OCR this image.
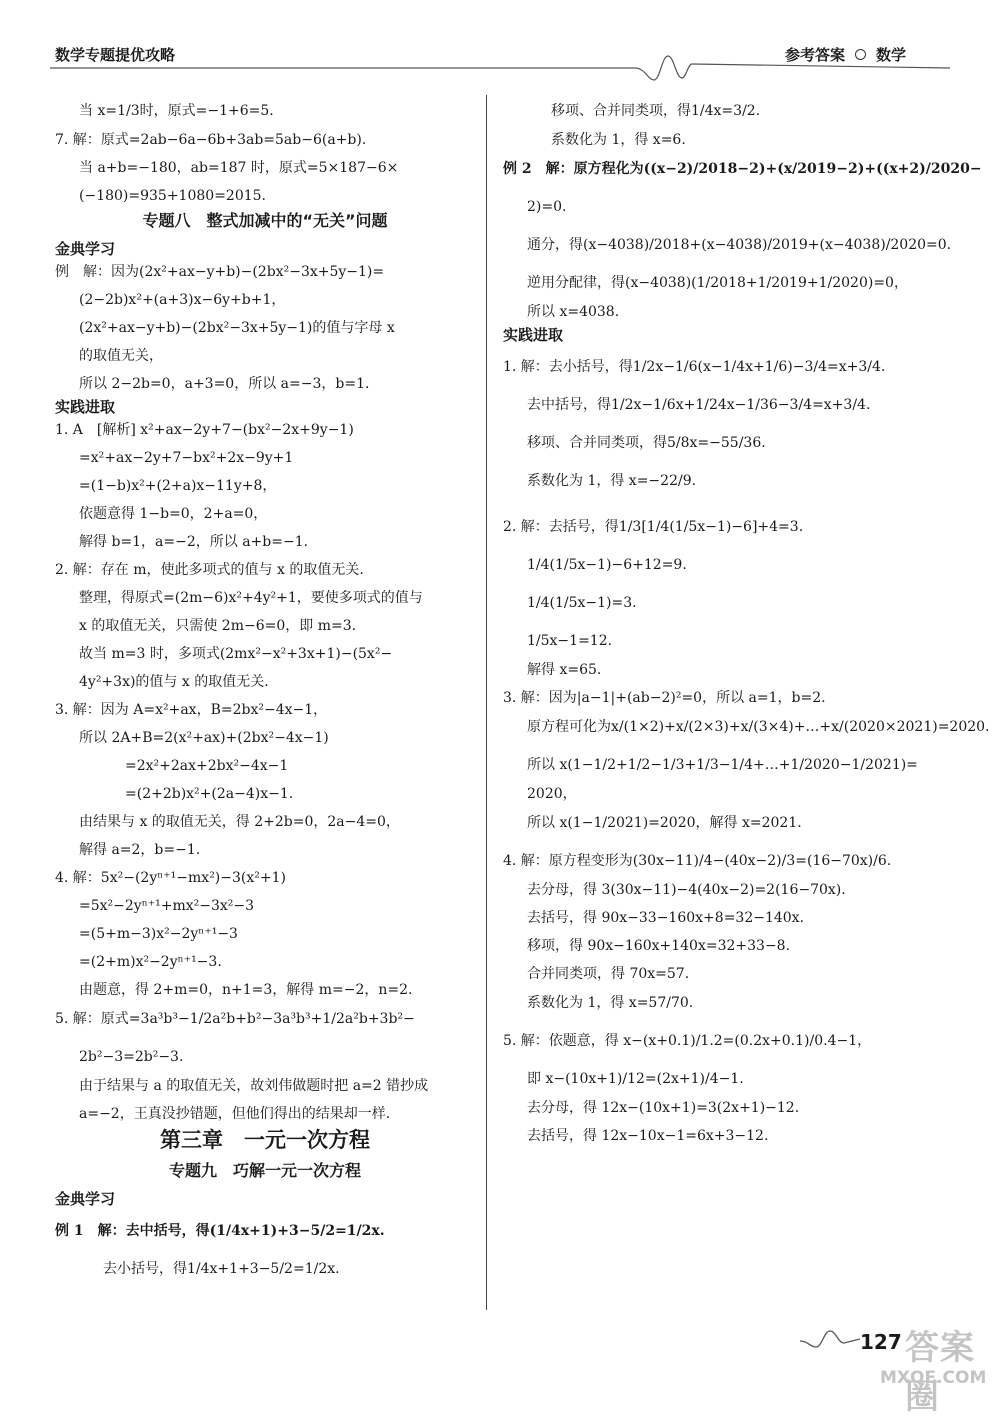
数学专题提优攻略	参考答案 数学
当 x=1/3时，原式=−1+6=5.
7. 解：原式=2ab−6a−6b+3ab=5ab−6(a+b).
当 a+b=−180，ab=187 时，原式=5×187−6×
(−180)=935+1080=2015.
专题八　整式加减中的“无关”问题
金典学习
例　解：因为(2x²+ax−y+b)−(2bx²−3x+5y−1)=
(2−2b)x²+(a+3)x−6y+b+1，
(2x²+ax−y+b)−(2bx²−3x+5y−1)的值与字母 x
的取值无关，
所以 2−2b=0，a+3=0，所以 a=−3，b=1.
实践进取
1. A　[解析] x²+ax−2y+7−(bx²−2x+9y−1)
=x²+ax−2y+7−bx²+2x−9y+1
=(1−b)x²+(2+a)x−11y+8，
依题意得 1−b=0，2+a=0，
解得 b=1，a=−2，所以 a+b=−1.
2. 解：存在 m，使此多项式的值与 x 的取值无关.
整理，得原式=(2m−6)x²+4y²+1，要使多项式的值与
x 的取值无关，只需使 2m−6=0，即 m=3.
故当 m=3 时，多项式(2mx²−x²+3x+1)−(5x²−
4y²+3x)的值与 x 的取值无关.
3. 解：因为 A=x²+ax，B=2bx²−4x−1，
所以 2A+B=2(x²+ax)+(2bx²−4x−1)
=2x²+2ax+2bx²−4x−1
=(2+2b)x²+(2a−4)x−1.
由结果与 x 的取值无关，得 2+2b=0，2a−4=0，
解得 a=2，b=−1.
4. 解：5x²−(2yⁿ⁺¹−mx²)−3(x²+1)
=5x²−2yⁿ⁺¹+mx²−3x²−3
=(5+m−3)x²−2yⁿ⁺¹−3
=(2+m)x²−2yⁿ⁺¹−3.
由题意，得 2+m=0，n+1=3，解得 m=−2，n=2.
5. 解：原式=3a³b³−1/2a²b+b²−3a³b³+1/2a²b+3b²−
2b²−3=2b²−3.
由于结果与 a 的取值无关，故刘伟做题时把 a=2 错抄成
a=−2，王真没抄错题，但他们得出的结果却一样.
第三章　一元一次方程
专题九　巧解一元一次方程
金典学习
例 1　解：去中括号，得(1/4x+1)+3−5/2=1/2x.
去小括号，得1/4x+1+3−5/2=1/2x.
移项、合并同类项，得1/4x=3/2.
系数化为 1，得 x=6.
例 2　解：原方程化为((x−2)/2018−2)+(x/2019−2)+((x+2)/2020−
2)=0.
通分，得(x−4038)/2018+(x−4038)/2019+(x−4038)/2020=0.
逆用分配律，得(x−4038)(1/2018+1/2019+1/2020)=0，
所以 x=4038.
实践进取
1. 解：去小括号，得1/2x−1/6(x−1/4x+1/6)−3/4=x+3/4.
去中括号，得1/2x−1/6x+1/24x−1/36−3/4=x+3/4.
移项、合并同类项，得5/8x=−55/36.
系数化为 1，得 x=−22/9.
2. 解：去括号，得1/3[1/4(1/5x−1)−6]+4=3.
1/4(1/5x−1)−6+12=9.
1/4(1/5x−1)=3.
1/5x−1=12.
解得 x=65.
3. 解：因为|a−1|+(ab−2)²=0，所以 a=1，b=2.
原方程可化为x/(1×2)+x/(2×3)+x/(3×4)+…+x/(2020×2021)=2020.
所以 x(1−1/2+1/2−1/3+1/3−1/4+…+1/2020−1/2021)=
2020，
所以 x(1−1/2021)=2020，解得 x=2021.
4. 解：原方程变形为(30x−11)/4−(40x−2)/3=(16−70x)/6.
去分母，得 3(30x−11)−4(40x−2)=2(16−70x).
去括号，得 90x−33−160x+8=32−140x.
移项，得 90x−160x+140x=32+33−8.
合并同类项，得 70x=57.
系数化为 1，得 x=57/70.
5. 解：依题意，得 x−(x+0.1)/1.2=(0.2x+0.1)/0.4−1，
即 x−(10x+1)/12=(2x+1)/4−1.
去分母，得 12x−(10x+1)=3(2x+1)−12.
去括号，得 12x−10x−1=6x+3−12.
127 答案圈
MXQE.COM
